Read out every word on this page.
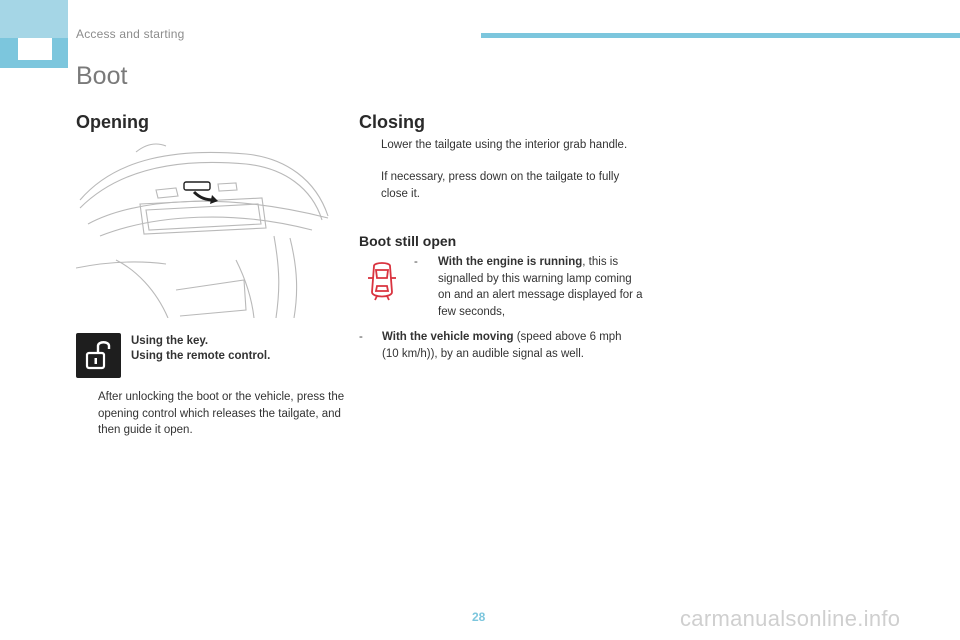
Access and starting
Boot
Opening
Using the key.
Using the remote control.
After unlocking the boot or the vehicle, press the opening control which releases the tailgate, and then guide it open.
Closing
Lower the tailgate using the interior grab handle.
If necessary, press down on the tailgate to fully close it.
Boot still open
- With the engine is running, this is signalled by this warning lamp coming on and an alert message displayed for a few seconds,
- With the vehicle moving (speed above 6 mph (10 km/h)), by an audible signal as well.
28	carmanualsonline.info
